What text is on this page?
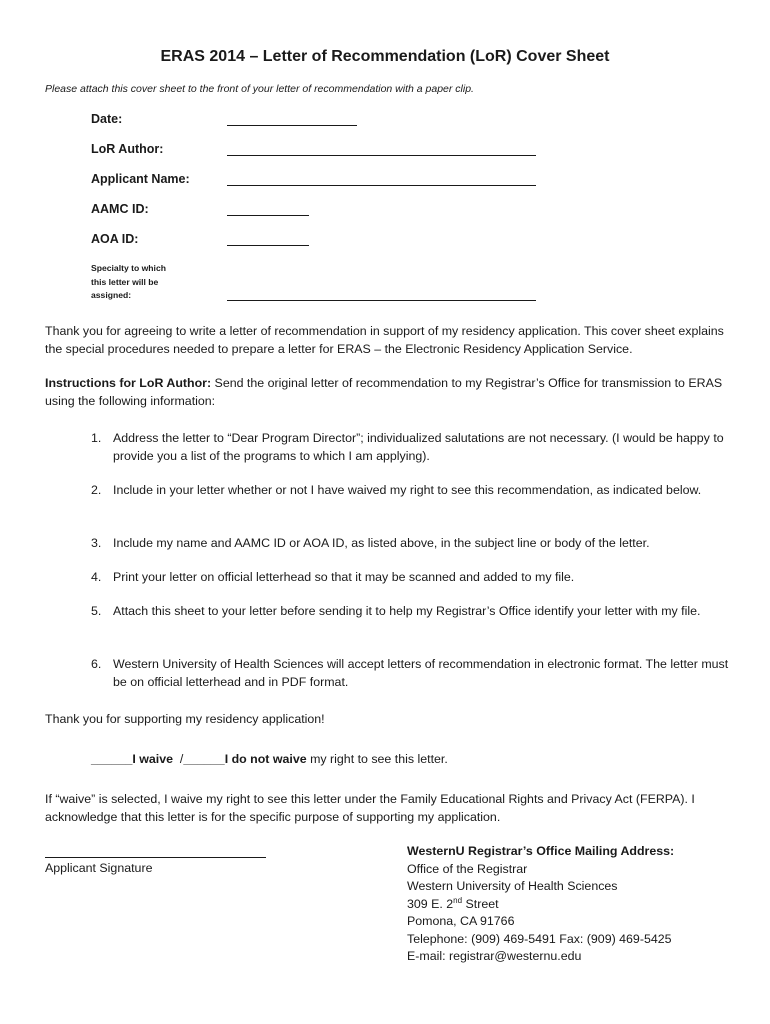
ERAS 2014 – Letter of Recommendation (LoR) Cover Sheet
Please attach this cover sheet to the front of your letter of recommendation with a paper clip.
Date:
LoR Author:
Applicant Name:
AAMC ID:
AOA ID:
Specialty to which
this letter will be
assigned:
Thank you for agreeing to write a letter of recommendation in support of my residency application. This cover sheet explains the special procedures needed to prepare a letter for ERAS – the Electronic Residency Application Service.
Instructions for LoR Author: Send the original letter of recommendation to my Registrar’s Office for transmission to ERAS using the following information:
1. Address the letter to “Dear Program Director”; individualized salutations are not necessary. (I would be happy to provide you a list of the programs to which I am applying).
2. Include in your letter whether or not I have waived my right to see this recommendation, as indicated below.
3. Include my name and AAMC ID or AOA ID, as listed above, in the subject line or body of the letter.
4. Print your letter on official letterhead so that it may be scanned and added to my file.
5. Attach this sheet to your letter before sending it to help my Registrar’s Office identify your letter with my file.
6. Western University of Health Sciences will accept letters of recommendation in electronic format. The letter must be on official letterhead and in PDF format.
Thank you for supporting my residency application!
______I waive  /______I do not waive my right to see this letter.
If “waive” is selected, I waive my right to see this letter under the Family Educational Rights and Privacy Act (FERPA). I acknowledge that this letter is for the specific purpose of supporting my application.
Applicant Signature
WesternU Registrar’s Office Mailing Address:
Office of the Registrar
Western University of Health Sciences
309 E. 2nd Street
Pomona, CA 91766
Telephone: (909) 469-5491 Fax: (909) 469-5425
E-mail: registrar@westernu.edu
